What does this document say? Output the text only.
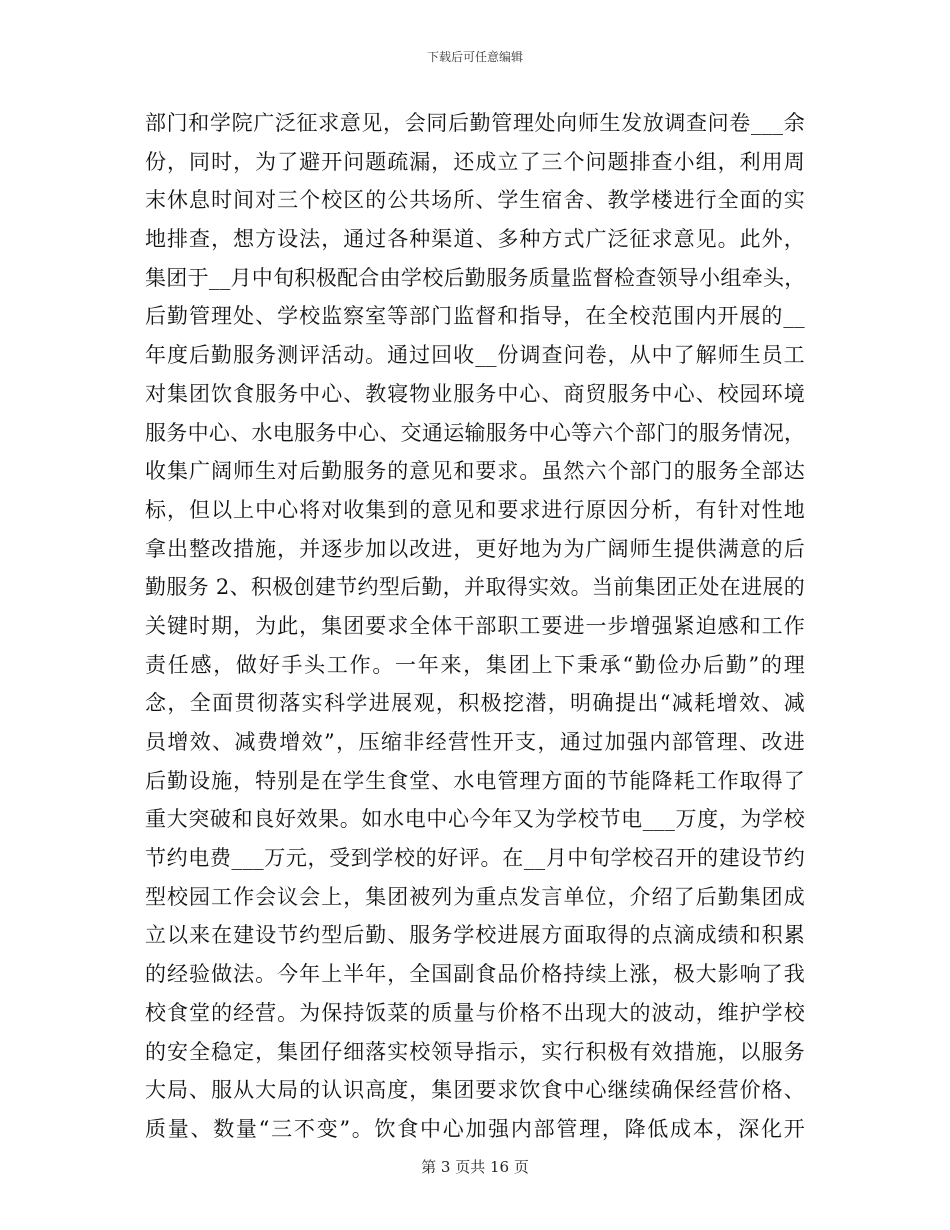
下载后可任意编辑
部门和学院广泛征求意见，会同后勤管理处向师生发放调查问卷___余
份，同时，为了避开问题疏漏，还成立了三个问题排查小组，利用周
末休息时间对三个校区的公共场所、学生宿舍、教学楼进行全面的实
地排查，想方设法，通过各种渠道、多种方式广泛征求意见。此外，
集团于__月中旬积极配合由学校后勤服务质量监督检查领导小组牵头，
后勤管理处、学校监察室等部门监督和指导，在全校范围内开展的__
年度后勤服务测评活动。通过回收__份调查问卷，从中了解师生员工
对集团饮食服务中心、教寝物业服务中心、商贸服务中心、校园环境
服务中心、水电服务中心、交通运输服务中心等六个部门的服务情况，
收集广阔师生对后勤服务的意见和要求。虽然六个部门的服务全部达
标，但以上中心将对收集到的意见和要求进行原因分析，有针对性地
拿出整改措施，并逐步加以改进，更好地为为广阔师生提供满意的后
勤服务 2、积极创建节约型后勤，并取得实效。当前集团正处在进展的
关键时期，为此，集团要求全体干部职工要进一步增强紧迫感和工作
责任感，做好手头工作。一年来，集团上下秉承“勤俭办后勤”的理
念，全面贯彻落实科学进展观，积极挖潜，明确提出“减耗增效、减
员增效、减费增效”，压缩非经营性开支，通过加强内部管理、改进
后勤设施，特别是在学生食堂、水电管理方面的节能降耗工作取得了
重大突破和良好效果。如水电中心今年又为学校节电___万度，为学校
节约电费___万元，受到学校的好评。在__月中旬学校召开的建设节约
型校园工作会议会上，集团被列为重点发言单位，介绍了后勤集团成
立以来在建设节约型后勤、服务学校进展方面取得的点滴成绩和积累
的经验做法。今年上半年，全国副食品价格持续上涨，极大影响了我
校食堂的经营。为保持饭菜的质量与价格不出现大的波动，维护学校
的安全稳定，集团仔细落实校领导指示，实行积极有效措施，以服务
大局、服从大局的认识高度，集团要求饮食中心继续确保经营价格、
质量、数量“三不变”。饮食中心加强内部管理，降低成本，深化开
第 3 页共 16 页
